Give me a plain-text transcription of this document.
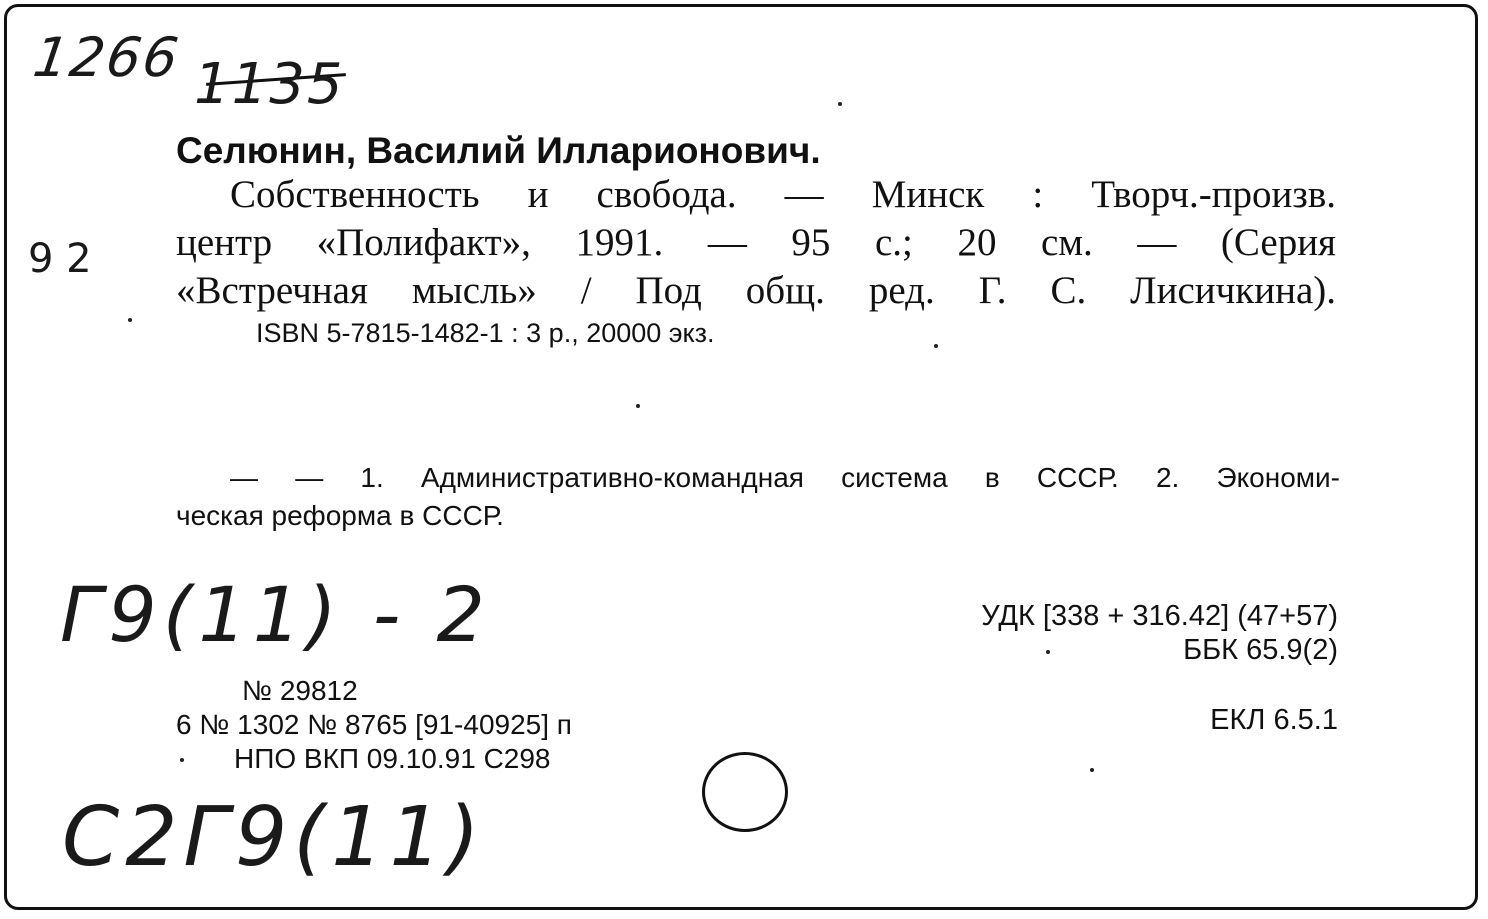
1266 1135
9 2
Селюнин, Василий Илларионович.
Собственность и свобода. — Минск : Творч.-произв.
центр «Полифакт», 1991. — 95 с.; 20 см. — (Серия
«Встречная мысль» / Под общ. ред. Г. С. Лисичкина).
ISBN 5-7815-1482-1 : 3 р., 20000 экз.
— — 1. Административно-командная система в СССР. 2. Экономи-
ческая реформа в СССР.
Г9(11) - 2	УДК [338 + 316.42] (47+57)
ББК 65.9(2)
ЕКЛ 6.5.1
№ 29812
6 № 1302 № 8765 [91-40925] п
НПО ВКП 09.10.91 С298
С2Г9(11)
